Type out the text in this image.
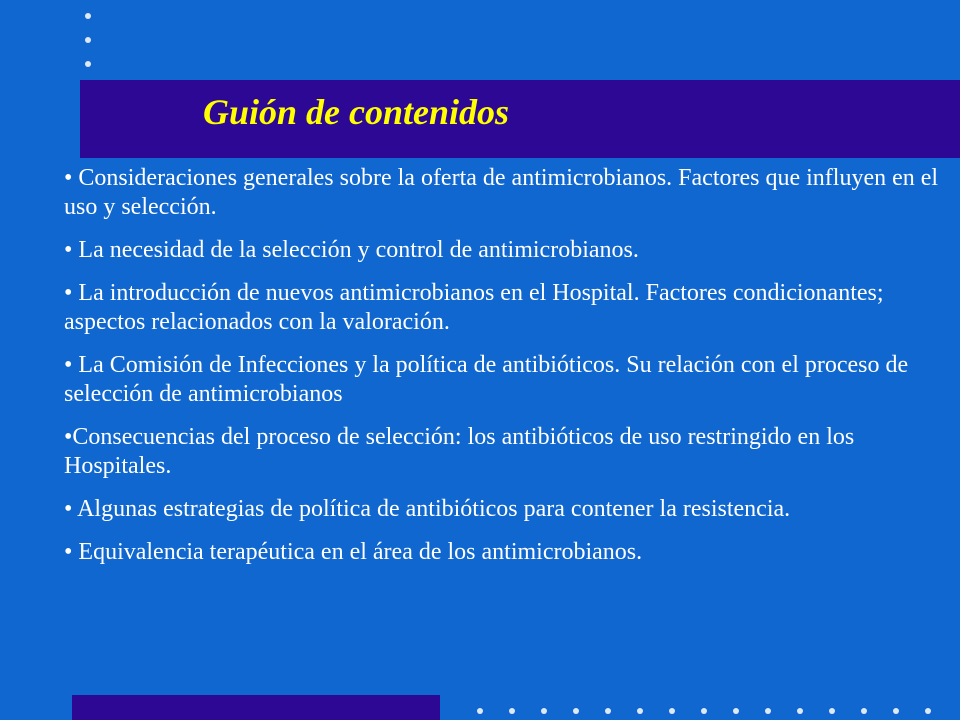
Guión de contenidos

• Consideraciones generales sobre la oferta de antimicrobianos. Factores que influyen en el uso y selección.

• La necesidad de la selección y control de antimicrobianos.

• La introducción de nuevos antimicrobianos en el Hospital. Factores condicionantes; aspectos relacionados con la valoración.

• La Comisión de Infecciones y la política de antibióticos. Su relación con el proceso de selección de antimicrobianos

•Consecuencias del proceso de selección: los antibióticos de uso restringido en los Hospitales.

• Algunas estrategias de política de antibióticos para contener la resistencia.

• Equivalencia terapéutica en el área de los antimicrobianos.
